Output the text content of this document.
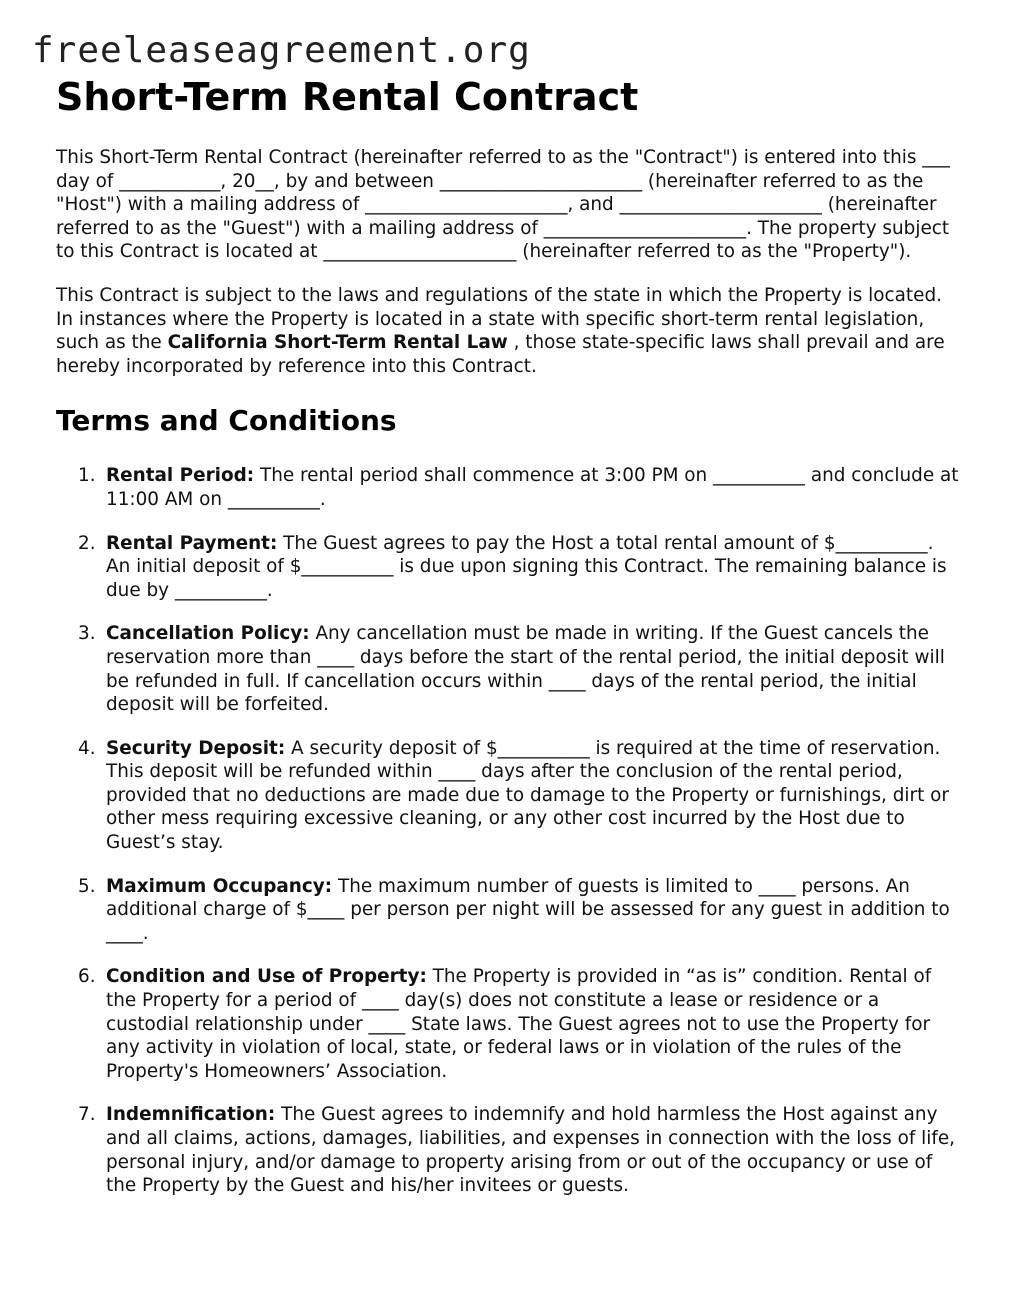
freeleaseagreement.org
Short-Term Rental Contract

This Short-Term Rental Contract (hereinafter referred to as the "Contract") is entered into this ___ day of ___________, 20__, by and between ______________________ (hereinafter referred to as the "Host") with a mailing address of ______________________, and ______________________ (hereinafter referred to as the "Guest") with a mailing address of ______________________. The property subject to this Contract is located at _____________________ (hereinafter referred to as the "Property").

This Contract is subject to the laws and regulations of the state in which the Property is located. In instances where the Property is located in a state with specific short-term rental legislation, such as the California Short-Term Rental Law , those state-specific laws shall prevail and are hereby incorporated by reference into this Contract.

Terms and Conditions
1. Rental Period: The rental period shall commence at 3:00 PM on __________ and conclude at 11:00 AM on __________.
2. Rental Payment: The Guest agrees to pay the Host a total rental amount of $__________. An initial deposit of $__________ is due upon signing this Contract. The remaining balance is due by __________.
3. Cancellation Policy: Any cancellation must be made in writing. If the Guest cancels the reservation more than ____ days before the start of the rental period, the initial deposit will be refunded in full. If cancellation occurs within ____ days of the rental period, the initial deposit will be forfeited.
4. Security Deposit: A security deposit of $__________ is required at the time of reservation. This deposit will be refunded within ____ days after the conclusion of the rental period, provided that no deductions are made due to damage to the Property or furnishings, dirt or other mess requiring excessive cleaning, or any other cost incurred by the Host due to Guest’s stay.
5. Maximum Occupancy: The maximum number of guests is limited to ____ persons. An additional charge of $____ per person per night will be assessed for any guest in addition to ____.
6. Condition and Use of Property: The Property is provided in “as is” condition. Rental of the Property for a period of ____ day(s) does not constitute a lease or residence or a custodial relationship under ____ State laws. The Guest agrees not to use the Property for any activity in violation of local, state, or federal laws or in violation of the rules of the Property's Homeowners’ Association.
7. Indemnification: The Guest agrees to indemnify and hold harmless the Host against any and all claims, actions, damages, liabilities, and expenses in connection with the loss of life, personal injury, and/or damage to property arising from or out of the occupancy or use of the Property by the Guest and his/her invitees or guests.
